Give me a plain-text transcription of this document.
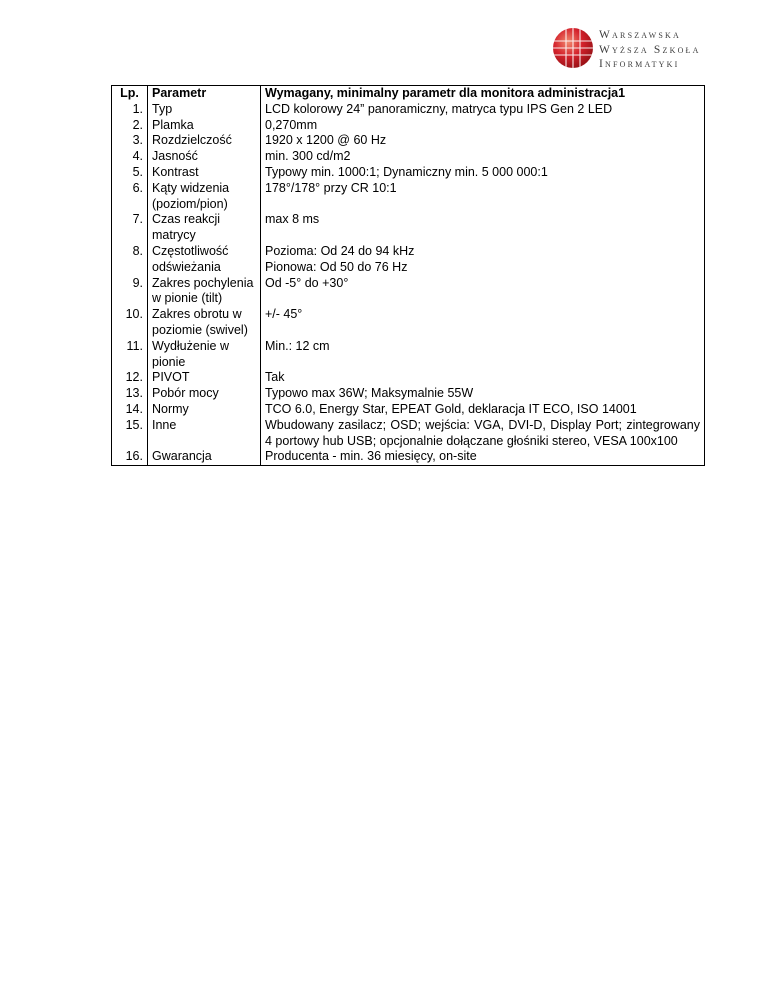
Warszawska
Wyższa Szkoła
Informatyki
Lp.	Parametr	Wymagany, minimalny parametr dla monitora administracja1
1.	Typ	LCD kolorowy 24” panoramiczny, matryca typu IPS Gen 2 LED
2.	Plamka	0,270mm
3.	Rozdzielczość	1920 x 1200 @ 60 Hz
4.	Jasność	min. 300 cd/m2
5.	Kontrast	Typowy min. 1000:1; Dynamiczny min. 5 000 000:1
6.	Kąty widzenia (poziom/pion)	178°/178° przy CR 10:1
7.	Czas reakcji matrycy	max 8 ms
8.	Częstotliwość odświeżania	Pozioma: Od 24 do 94 kHz
Pionowa: Od 50 do 76 Hz

9.	Zakres pochylenia w pionie (tilt)	Od -5° do +30°
10.	Zakres obrotu w poziomie (swivel)	+/- 45°
11.	Wydłużenie w pionie	Min.: 12 cm
12.	PIVOT	Tak
13.	Pobór mocy	Typowo max 36W; Maksymalnie 55W
14.	Normy	TCO 6.0, Energy Star, EPEAT Gold, deklaracja IT ECO, ISO 14001
15.	Inne	Wbudowany zasilacz; OSD; wejścia: VGA, DVI-D, Display Port; zintegrowany 4 portowy hub USB; opcjonalnie dołączane głośniki stereo, VESA 100x100
16.	Gwarancja	Producenta - min. 36 miesięcy, on-site
